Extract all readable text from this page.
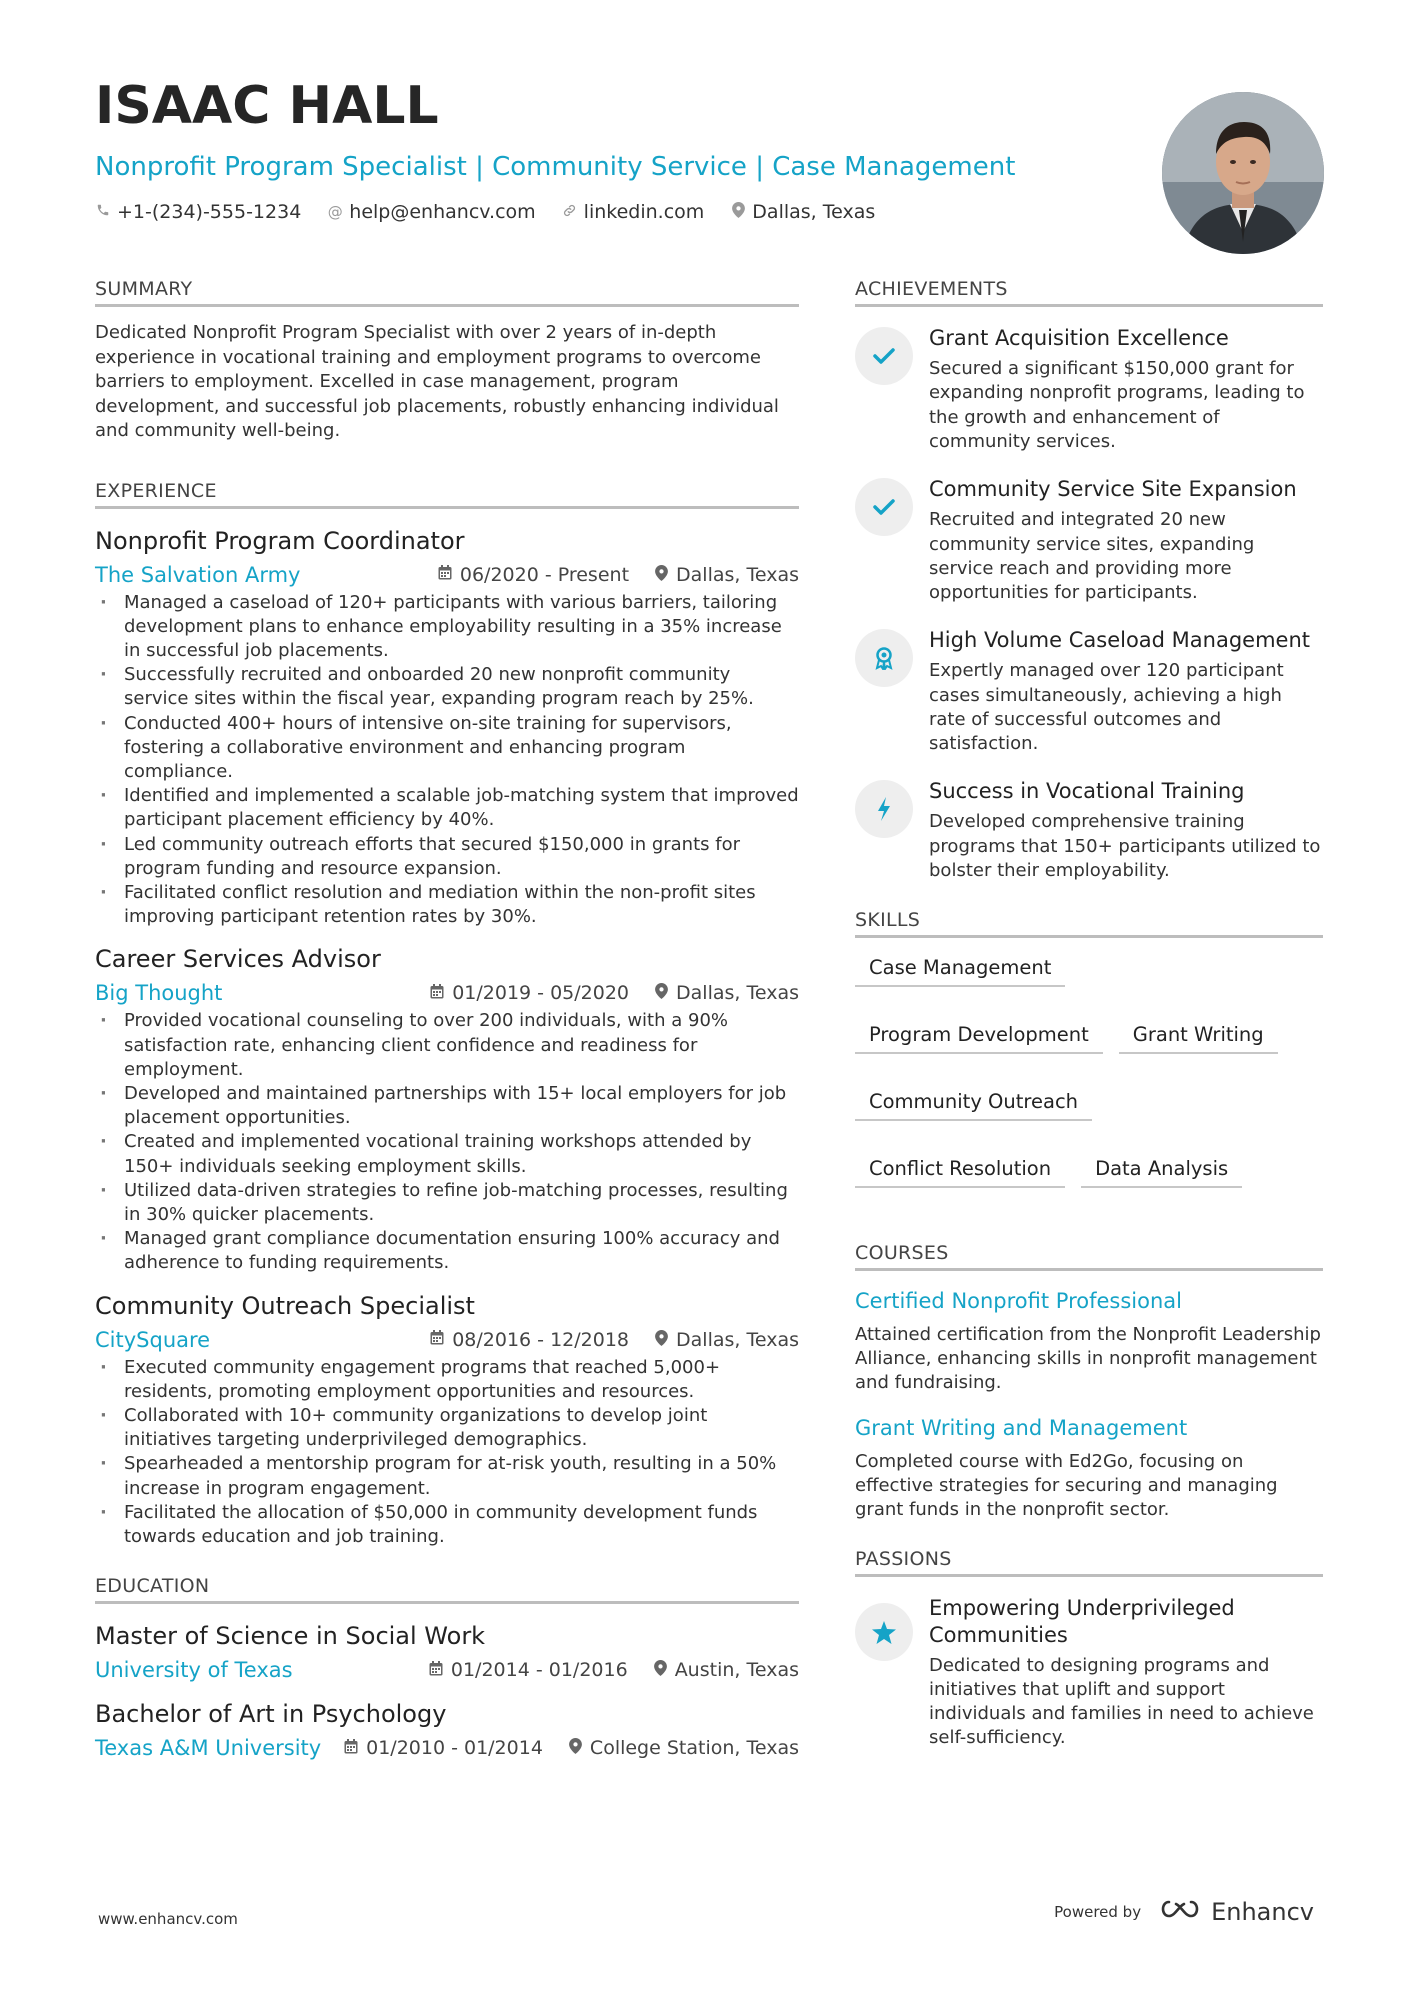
ISAAC HALL
Nonprofit Program Specialist | Community Service | Case Management
+1-(234)-555-1234 @ help@enhancv.com	linkedin.com	Dallas, Texas
SUMMARY

Dedicated Nonprofit Program Specialist with over 2 years of in-depth experience in vocational training and employment programs to overcome barriers to employment. Excelled in case management, program development, and successful job placements, robustly enhancing individual and community well-being.

EXPERIENCE
Nonprofit Program Coordinator
The Salvation Army	06/2020 - Present Dallas, Texas
· Managed a caseload of 120+ participants with various barriers, tailoring development plans to enhance employability resulting in a 35% increase in successful job placements.
· Successfully recruited and onboarded 20 new nonprofit community service sites within the fiscal year, expanding program reach by 25%.
· Conducted 400+ hours of intensive on-site training for supervisors, fostering a collaborative environment and enhancing program compliance.
· Identified and implemented a scalable job-matching system that improved participant placement efficiency by 40%.
· Led community outreach efforts that secured $150,000 in grants for program funding and resource expansion.
· Facilitated conflict resolution and mediation within the non-profit sites improving participant retention rates by 30%.
Career Services Advisor
Big Thought	01/2019 - 05/2020 Dallas, Texas
· Provided vocational counseling to over 200 individuals, with a 90% satisfaction rate, enhancing client confidence and readiness for employment.
· Developed and maintained partnerships with 15+ local employers for job placement opportunities.
· Created and implemented vocational training workshops attended by 150+ individuals seeking employment skills.
· Utilized data-driven strategies to refine job-matching processes, resulting in 30% quicker placements.
· Managed grant compliance documentation ensuring 100% accuracy and adherence to funding requirements.
Community Outreach Specialist
CitySquare	08/2016 - 12/2018 Dallas, Texas
· Executed community engagement programs that reached 5,000+ residents, promoting employment opportunities and resources.
· Collaborated with 10+ community organizations to develop joint initiatives targeting underprivileged demographics.
· Spearheaded a mentorship program for at-risk youth, resulting in a 50% increase in program engagement.
· Facilitated the allocation of $50,000 in community development funds towards education and job training.
EDUCATION
Master of Science in Social Work
University of Texas	01/2014 - 01/2016 Austin, Texas
Bachelor of Art in Psychology
Texas A&M University 01/2010 - 01/2014 College Station, Texas
ACHIEVEMENTS
Grant Acquisition Excellence

Secured a significant $150,000 grant for expanding nonprofit programs, leading to the growth and enhancement of community services.

Community Service Site Expansion

Recruited and integrated 20 new community service sites, expanding service reach and providing more opportunities for participants.

High Volume Caseload Management

Expertly managed over 120 participant cases simultaneously, achieving a high rate of successful outcomes and satisfaction.

Success in Vocational Training

Developed comprehensive training programs that 150+ participants utilized to bolster their employability.

SKILLS
Case Management
Program Development	Grant Writing
Community Outreach
Conflict Resolution	Data Analysis
COURSES
Certified Nonprofit Professional

Attained certification from the Nonprofit Leadership Alliance, enhancing skills in nonprofit management and fundraising.

Grant Writing and Management

Completed course with Ed2Go, focusing on effective strategies for securing and managing grant funds in the nonprofit sector.

PASSIONS
Empowering Underprivileged Communities

Dedicated to designing programs and initiatives that uplift and support individuals and families in need to achieve self-sufficiency.

www.enhancv.com	Powered by	Enhancv
